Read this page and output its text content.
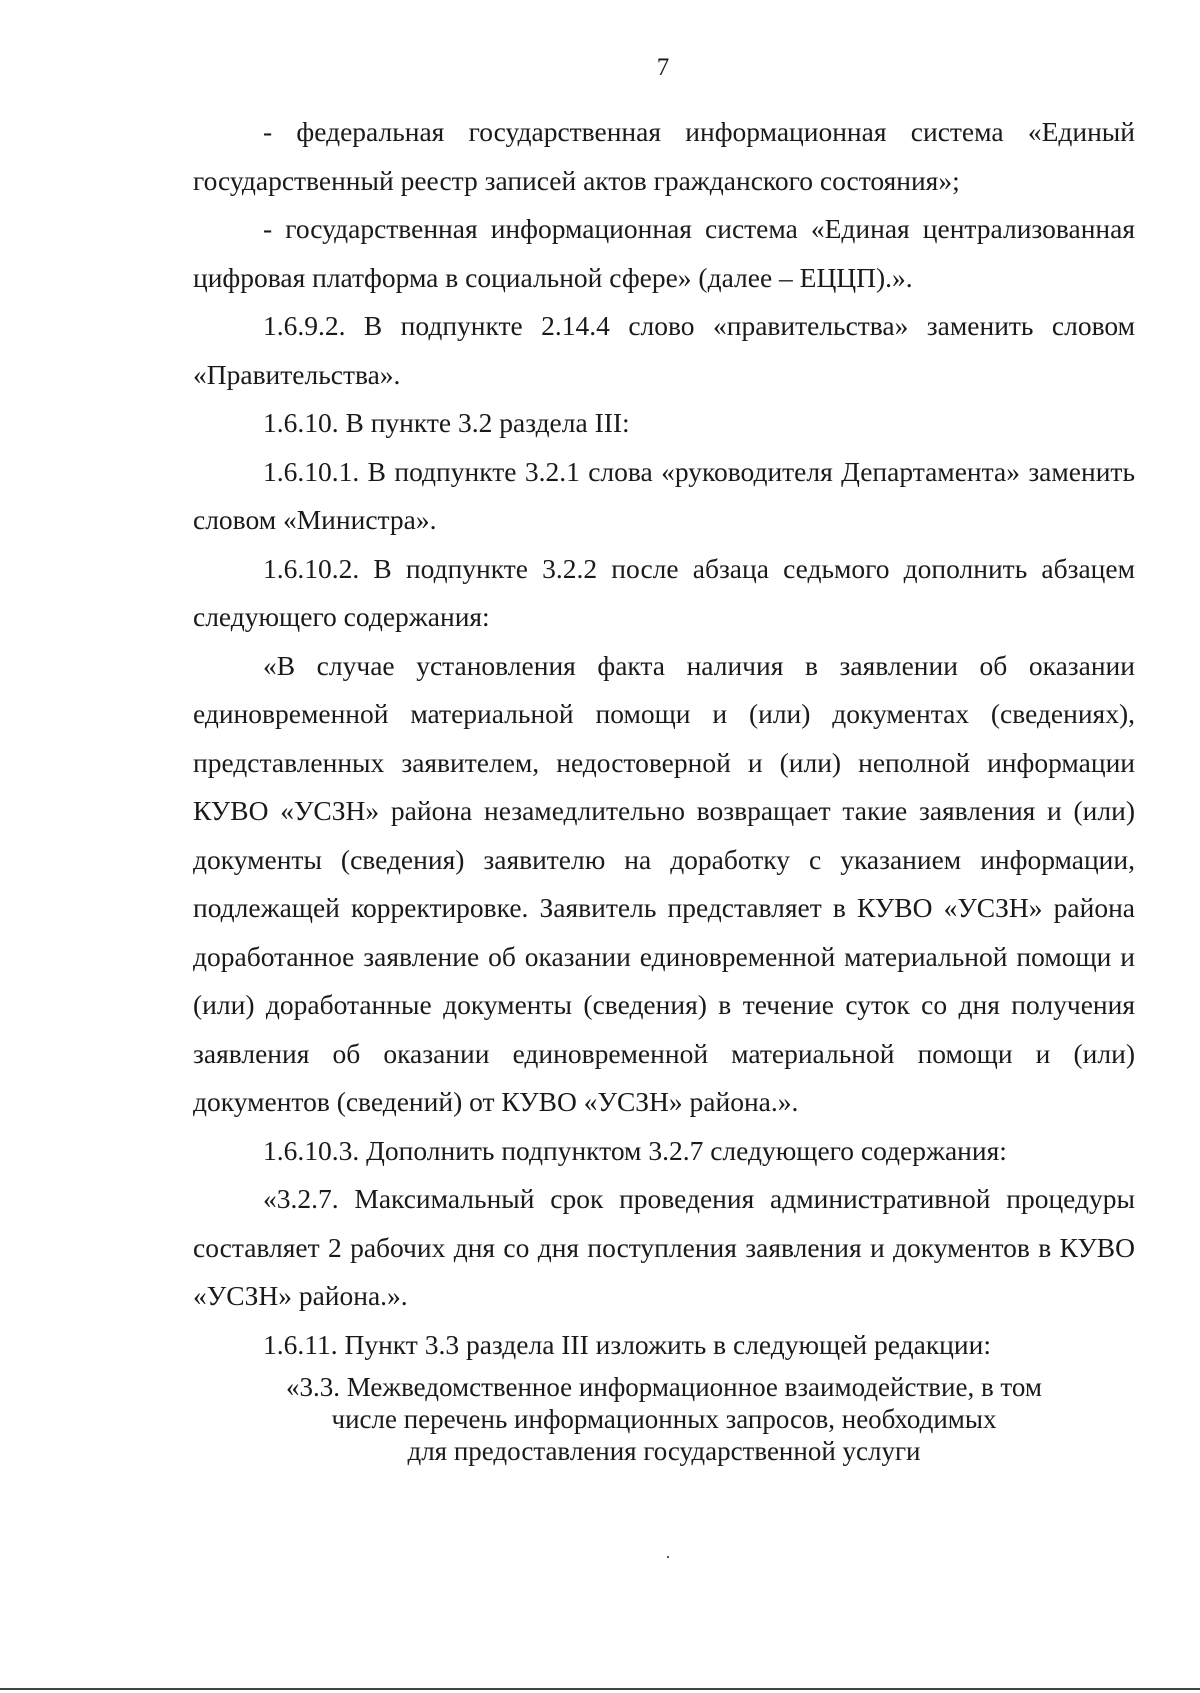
7

- федеральная государственная информационная система «Единый государственный реестр записей актов гражданского состояния»;

- государственная информационная система «Единая централизованная цифровая платформа в социальной сфере» (далее – ЕЦЦП).».

1.6.9.2. В подпункте 2.14.4 слово «правительства» заменить словом «Правительства».

1.6.10. В пункте 3.2 раздела III:

1.6.10.1. В подпункте 3.2.1 слова «руководителя Департамента» заменить словом «Министра».

1.6.10.2. В подпункте 3.2.2 после абзаца седьмого дополнить абзацем следующего содержания:

«В случае установления факта наличия в заявлении об оказании единовременной материальной помощи и (или) документах (сведениях), представленных заявителем, недостоверной и (или) неполной информации КУВО «УСЗН» района незамедлительно возвращает такие заявления и (или) документы (сведения) заявителю на доработку с указанием информации, подлежащей корректировке. Заявитель представляет в КУВО «УСЗН» района доработанное заявление об оказании единовременной материальной помощи и (или) доработанные документы (сведения) в течение суток со дня получения заявления об оказании единовременной материальной помощи и (или) документов (сведений) от КУВО «УСЗН» района.».

1.6.10.3. Дополнить подпунктом 3.2.7 следующего содержания:

«3.2.7. Максимальный срок проведения административной процедуры составляет 2 рабочих дня со дня поступления заявления и документов в КУВО «УСЗН» района.».

1.6.11. Пункт 3.3 раздела III изложить в следующей редакции:

«3.3. Межведомственное информационное взаимодействие, в том
числе перечень информационных запросов, необходимых
для предоставления государственной услуги
